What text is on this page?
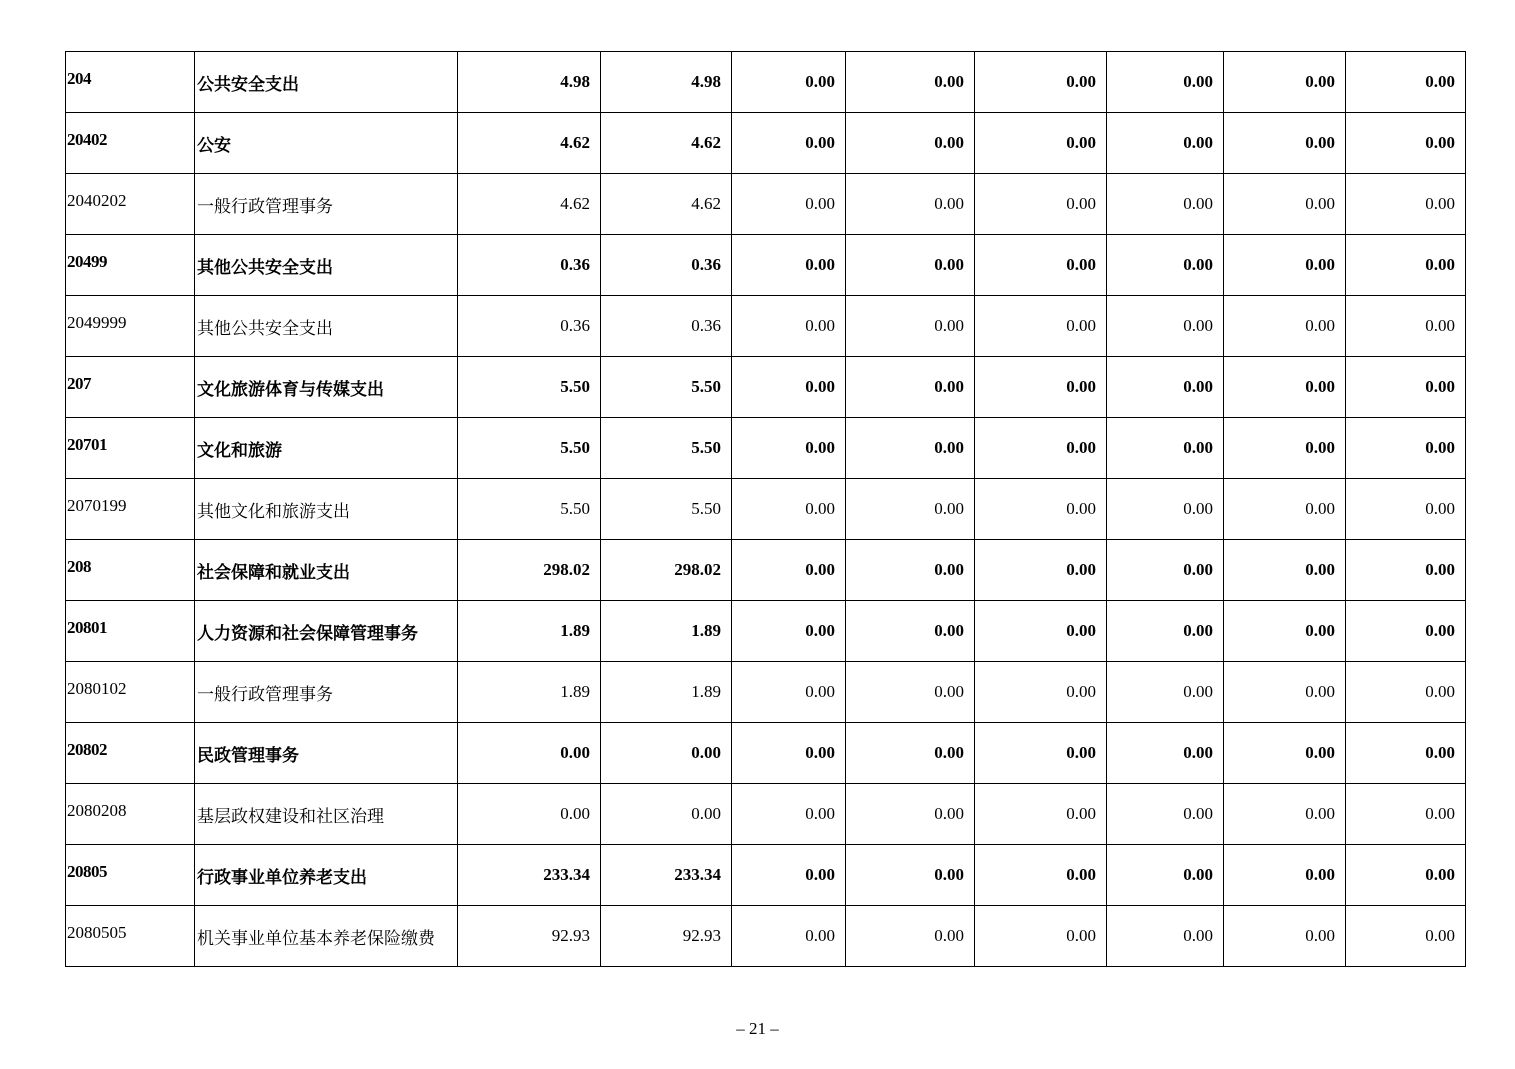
204	公共安全支出	4.98	4.98	0.00	0.00	0.00	0.00	0.00	0.00
20402	公安	4.62	4.62	0.00	0.00	0.00	0.00	0.00	0.00
2040202	一般行政管理事务	4.62	4.62	0.00	0.00	0.00	0.00	0.00	0.00
20499	其他公共安全支出	0.36	0.36	0.00	0.00	0.00	0.00	0.00	0.00
2049999	其他公共安全支出	0.36	0.36	0.00	0.00	0.00	0.00	0.00	0.00
207	文化旅游体育与传媒支出	5.50	5.50	0.00	0.00	0.00	0.00	0.00	0.00
20701	文化和旅游	5.50	5.50	0.00	0.00	0.00	0.00	0.00	0.00
2070199	其他文化和旅游支出	5.50	5.50	0.00	0.00	0.00	0.00	0.00	0.00
208	社会保障和就业支出	298.02	298.02	0.00	0.00	0.00	0.00	0.00	0.00
20801	人力资源和社会保障管理事务	1.89	1.89	0.00	0.00	0.00	0.00	0.00	0.00
2080102	一般行政管理事务	1.89	1.89	0.00	0.00	0.00	0.00	0.00	0.00
20802	民政管理事务	0.00	0.00	0.00	0.00	0.00	0.00	0.00	0.00
2080208	基层政权建设和社区治理	0.00	0.00	0.00	0.00	0.00	0.00	0.00	0.00
20805	行政事业单位养老支出	233.34	233.34	0.00	0.00	0.00	0.00	0.00	0.00
2080505	机关事业单位基本养老保险缴费	92.93	92.93	0.00	0.00	0.00	0.00	0.00	0.00
– 21 –
